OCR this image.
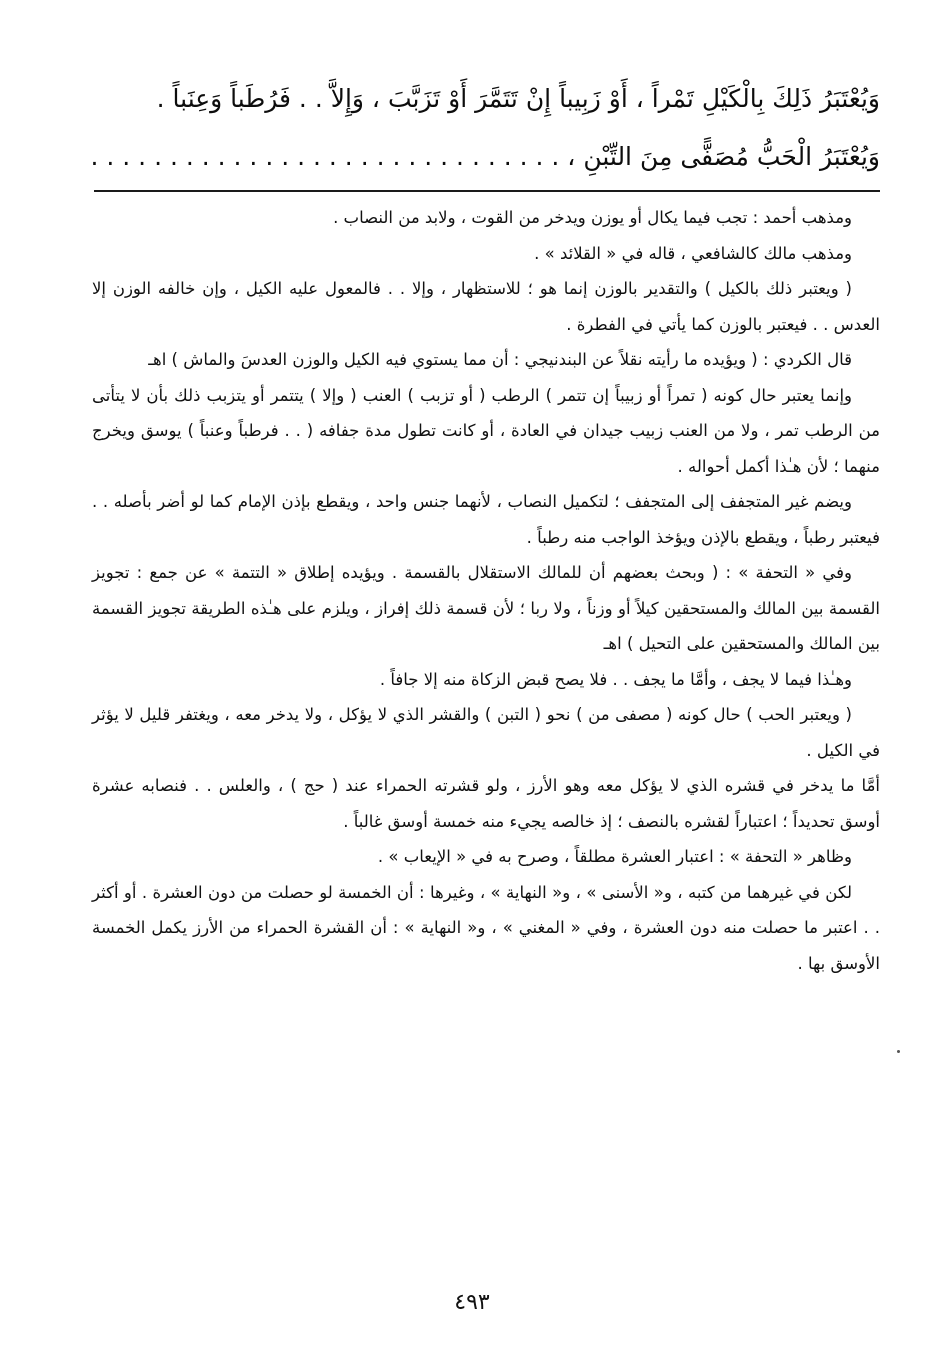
وَيُعْتَبَرُ ذَلِكَ بِالْكَيْلِ تَمْراً ، أَوْ زَبِيباً إِنْ تَتَمَّرَ أَوْ تَزَبَّبَ ، وَإِلاَّ . . فَرُطَباً وَعِنَباً .
وَيُعْتَبَرُ الْحَبُّ مُصَفًّى مِنَ التِّبْنِ ، . . . . . . . . . . . . . . . . . . . . . . . . . . . . . .

ومذهب أحمد : تجب فيما يكال أو يوزن ويدخر من القوت ، ولابد من النصاب .

ومذهب مالك كالشافعي ، قاله في « القلائد » .

( ويعتبر ذلك بالكيل ) والتقدير بالوزن إنما هو ؛ للاستظهار ، وإلا . . فالمعول عليه الكيل ، وإن خالفه الوزن إلا العدس . . فيعتبر بالوزن كما يأتي في الفطرة .

قال الكردي : ( ويؤيده ما رأيته نقلاً عن البندنيجي : أن مما يستوي فيه الكيل والوزن العدسَ والماش ) اهـ

وإنما يعتبر حال كونه ( تمراً أو زبيباً إن تتمر ) الرطب ( أو تزبب ) العنب ( وإلا ) يتتمر أو يتزبب ذلك بأن لا يتأتى من الرطب تمر ، ولا من العنب زبيب جيدان في العادة ، أو كانت تطول مدة جفافه ( . . فرطباً وعنباً ) يوسق ويخرج منهما ؛ لأن هـٰذا أكمل أحواله .

ويضم غير المتجفف إلى المتجفف ؛ لتكميل النصاب ، لأنهما جنس واحد ، ويقطع بإذن الإمام كما لو أضر بأصله . . فيعتبر رطباً ، ويقطع بالإذن ويؤخذ الواجب منه رطباً .

وفي « التحفة » : ( وبحث بعضهم أن للمالك الاستقلال بالقسمة . ويؤيده إطلاق « التتمة » عن جمع : تجويز القسمة بين المالك والمستحقين كيلاً أو وزناً ، ولا ربا ؛ لأن قسمة ذلك إفراز ، ويلزم على هـٰذه الطريقة تجويز القسمة بين المالك والمستحقين على التحيل ) اهـ

وهـٰذا فيما لا يجف ، وأمَّا ما يجف . . فلا يصح قبض الزكاة منه إلا جافاً .

( ويعتبر الحب ) حال كونه ( مصفى من ) نحو ( التبن ) والقشر الذي لا يؤكل ، ولا يدخر معه ، ويغتفر قليل لا يؤثر في الكيل .

أمَّا ما يدخر في قشره الذي لا يؤكل معه وهو الأرز ، ولو قشرته الحمراء عند ( حج ) ، والعلس . . فنصابه عشرة أوسق تحديداً ؛ اعتباراً لقشره بالنصف ؛ إذ خالصه يجيء منه خمسة أوسق غالباً .

وظاهر « التحفة » : اعتبار العشرة مطلقاً ، وصرح به في « الإيعاب » .

لكن في غيرهما من كتبه ، و« الأسنى » ، و« النهاية » ، وغيرها : أن الخمسة لو حصلت من دون العشرة . أو أكثر . . اعتبر ما حصلت منه دون العشرة ، وفي « المغني » ، و« النهاية » : أن القشرة الحمراء من الأرز يكمل الخمسة الأوسق بها .

٤٩٣
